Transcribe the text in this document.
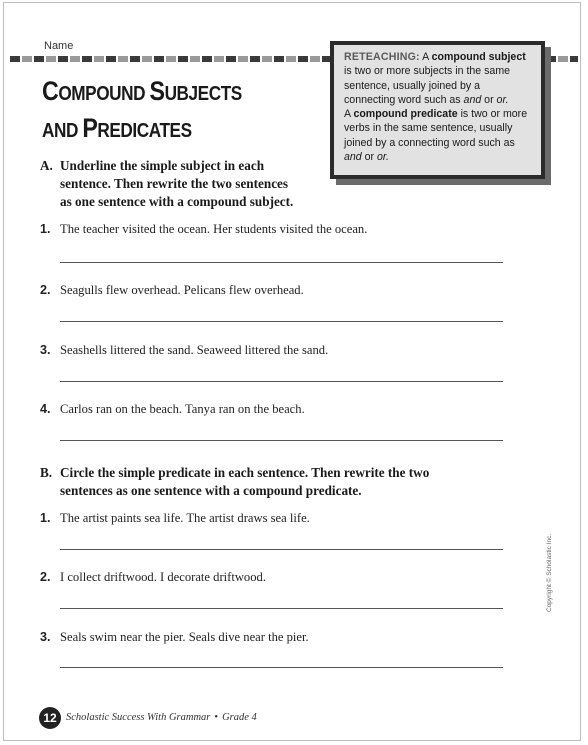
Name
COMPOUND SUBJECTS
AND PREDICATES
RETEACHING: A compound subject is two or more subjects in the same sentence, usually joined by a connecting word such as and or or.
A compound predicate is two or more verbs in the same sentence, usually joined by a connecting word such as and or or.
A. Underline the simple subject in each
sentence. Then rewrite the two sentences
as one sentence with a compound subject.
1. The teacher visited the ocean. Her students visited the ocean.
2. Seagulls flew overhead. Pelicans flew overhead.
3. Seashells littered the sand. Seaweed littered the sand.
4. Carlos ran on the beach. Tanya ran on the beach.
B. Circle the simple predicate in each sentence. Then rewrite the two
sentences as one sentence with a compound predicate.
1. The artist paints sea life. The artist draws sea life.
2. I collect driftwood. I decorate driftwood.
3. Seals swim near the pier. Seals dive near the pier.
Copyright © Scholastic Inc.
12 Scholastic Success With Grammar • Grade 4
